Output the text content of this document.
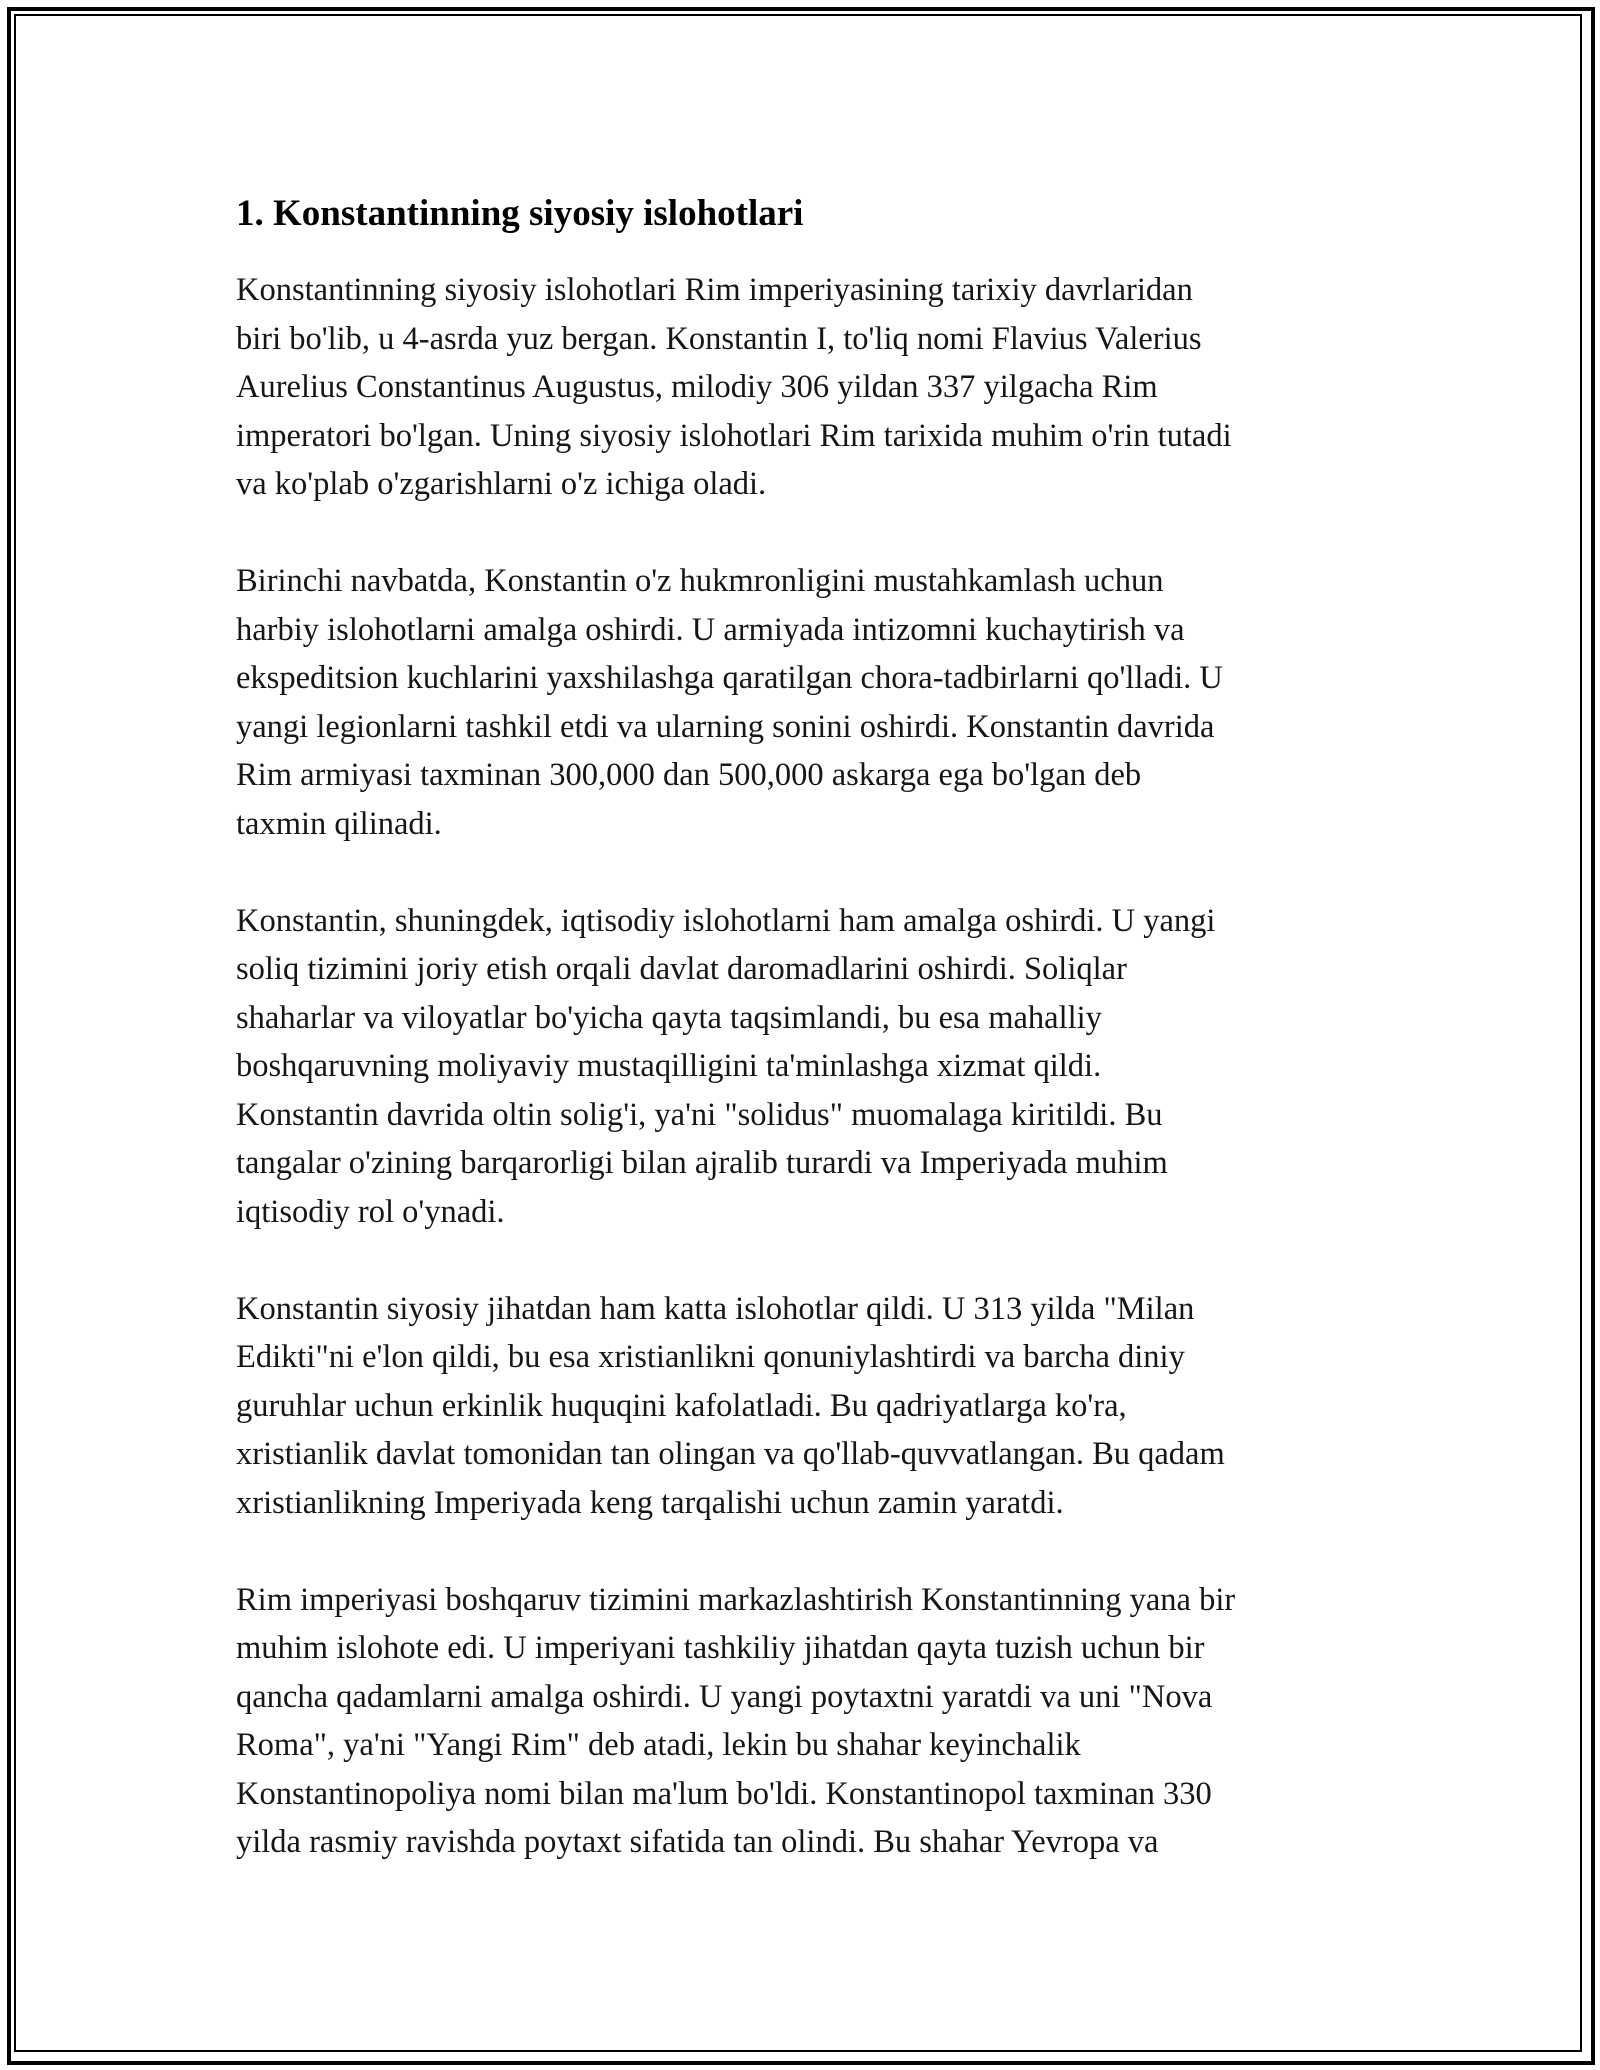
1. Konstantinning siyosiy islohotlari

Konstantinning siyosiy islohotlari Rim imperiyasining tarixiy davrlaridan
biri bo'lib, u 4-asrda yuz bergan. Konstantin I, to'liq nomi Flavius Valerius
Aurelius Constantinus Augustus, milodiy 306 yildan 337 yilgacha Rim
imperatori bo'lgan. Uning siyosiy islohotlari Rim tarixida muhim o'rin tutadi
va ko'plab o'zgarishlarni o'z ichiga oladi.

Birinchi navbatda, Konstantin o'z hukmronligini mustahkamlash uchun
harbiy islohotlarni amalga oshirdi. U armiyada intizomni kuchaytirish va
ekspeditsion kuchlarini yaxshilashga qaratilgan chora-tadbirlarni qo'lladi. U
yangi legionlarni tashkil etdi va ularning sonini oshirdi. Konstantin davrida
Rim armiyasi taxminan 300,000 dan 500,000 askarga ega bo'lgan deb
taxmin qilinadi.

Konstantin, shuningdek, iqtisodiy islohotlarni ham amalga oshirdi. U yangi
soliq tizimini joriy etish orqali davlat daromadlarini oshirdi. Soliqlar
shaharlar va viloyatlar bo'yicha qayta taqsimlandi, bu esa mahalliy
boshqaruvning moliyaviy mustaqilligini ta'minlashga xizmat qildi.
Konstantin davrida oltin solig'i, ya'ni "solidus" muomalaga kiritildi. Bu
tangalar o'zining barqarorligi bilan ajralib turardi va Imperiyada muhim
iqtisodiy rol o'ynadi.

Konstantin siyosiy jihatdan ham katta islohotlar qildi. U 313 yilda "Milan
Edikti"ni e'lon qildi, bu esa xristianlikni qonuniylashtirdi va barcha diniy
guruhlar uchun erkinlik huquqini kafolatladi. Bu qadriyatlarga ko'ra,
xristianlik davlat tomonidan tan olingan va qo'llab-quvvatlangan. Bu qadam
xristianlikning Imperiyada keng tarqalishi uchun zamin yaratdi.

Rim imperiyasi boshqaruv tizimini markazlashtirish Konstantinning yana bir
muhim islohote edi. U imperiyani tashkiliy jihatdan qayta tuzish uchun bir
qancha qadamlarni amalga oshirdi. U yangi poytaxtni yaratdi va uni "Nova
Roma", ya'ni "Yangi Rim" deb atadi, lekin bu shahar keyinchalik
Konstantinopoliya nomi bilan ma'lum bo'ldi. Konstantinopol taxminan 330
yilda rasmiy ravishda poytaxt sifatida tan olindi. Bu shahar Yevropa va
